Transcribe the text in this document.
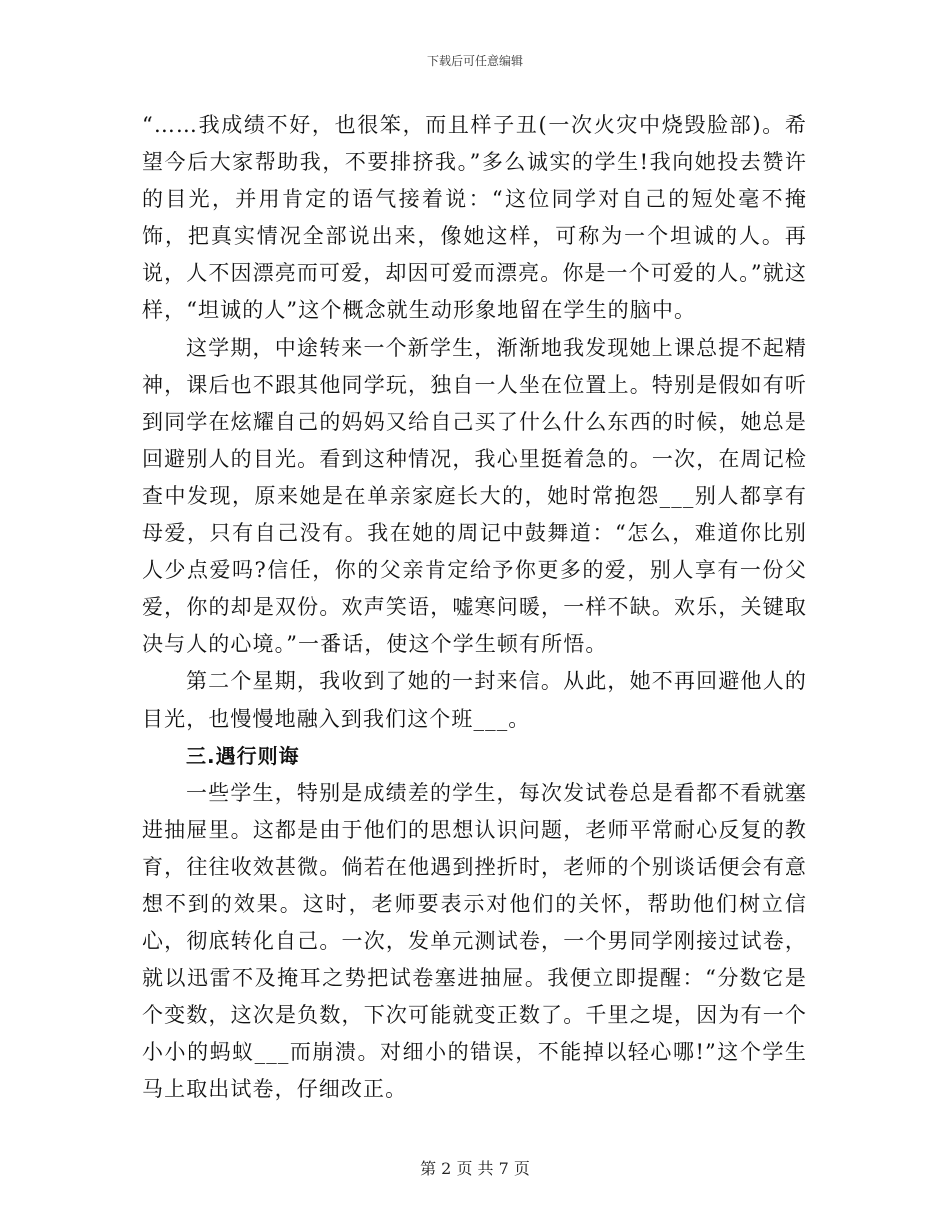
下载后可任意编辑

“……我成绩不好，也很笨，而且样子丑(一次火灾中烧毁脸部)。希望今后大家帮助我，不要排挤我。”多么诚实的学生!我向她投去赞许的目光，并用肯定的语气接着说：“这位同学对自己的短处毫不掩饰，把真实情况全部说出来，像她这样，可称为一个坦诚的人。再说，人不因漂亮而可爱，却因可爱而漂亮。你是一个可爱的人。”就这样，“坦诚的人”这个概念就生动形象地留在学生的脑中。

这学期，中途转来一个新学生，渐渐地我发现她上课总提不起精神，课后也不跟其他同学玩，独自一人坐在位置上。特别是假如有听到同学在炫耀自己的妈妈又给自己买了什么什么东西的时候，她总是回避别人的目光。看到这种情况，我心里挺着急的。一次，在周记检查中发现，原来她是在单亲家庭长大的，她时常抱怨___别人都享有母爱，只有自己没有。我在她的周记中鼓舞道：“怎么，难道你比别人少点爱吗?信任，你的父亲肯定给予你更多的爱，别人享有一份父爱，你的却是双份。欢声笑语，嘘寒问暖，一样不缺。欢乐，关键取决与人的心境。”一番话，使这个学生顿有所悟。

第二个星期，我收到了她的一封来信。从此，她不再回避他人的目光，也慢慢地融入到我们这个班___。

三.遇行则诲

一些学生，特别是成绩差的学生，每次发试卷总是看都不看就塞进抽屉里。这都是由于他们的思想认识问题，老师平常耐心反复的教育，往往收效甚微。倘若在他遇到挫折时，老师的个别谈话便会有意想不到的效果。这时，老师要表示对他们的关怀，帮助他们树立信心，彻底转化自己。一次，发单元测试卷，一个男同学刚接过试卷，就以迅雷不及掩耳之势把试卷塞进抽屉。我便立即提醒：“分数它是个变数，这次是负数，下次可能就变正数了。千里之堤，因为有一个小小的蚂蚁___而崩溃。对细小的错误，不能掉以轻心哪!”这个学生马上取出试卷，仔细改正。

第 2 页 共 7 页
